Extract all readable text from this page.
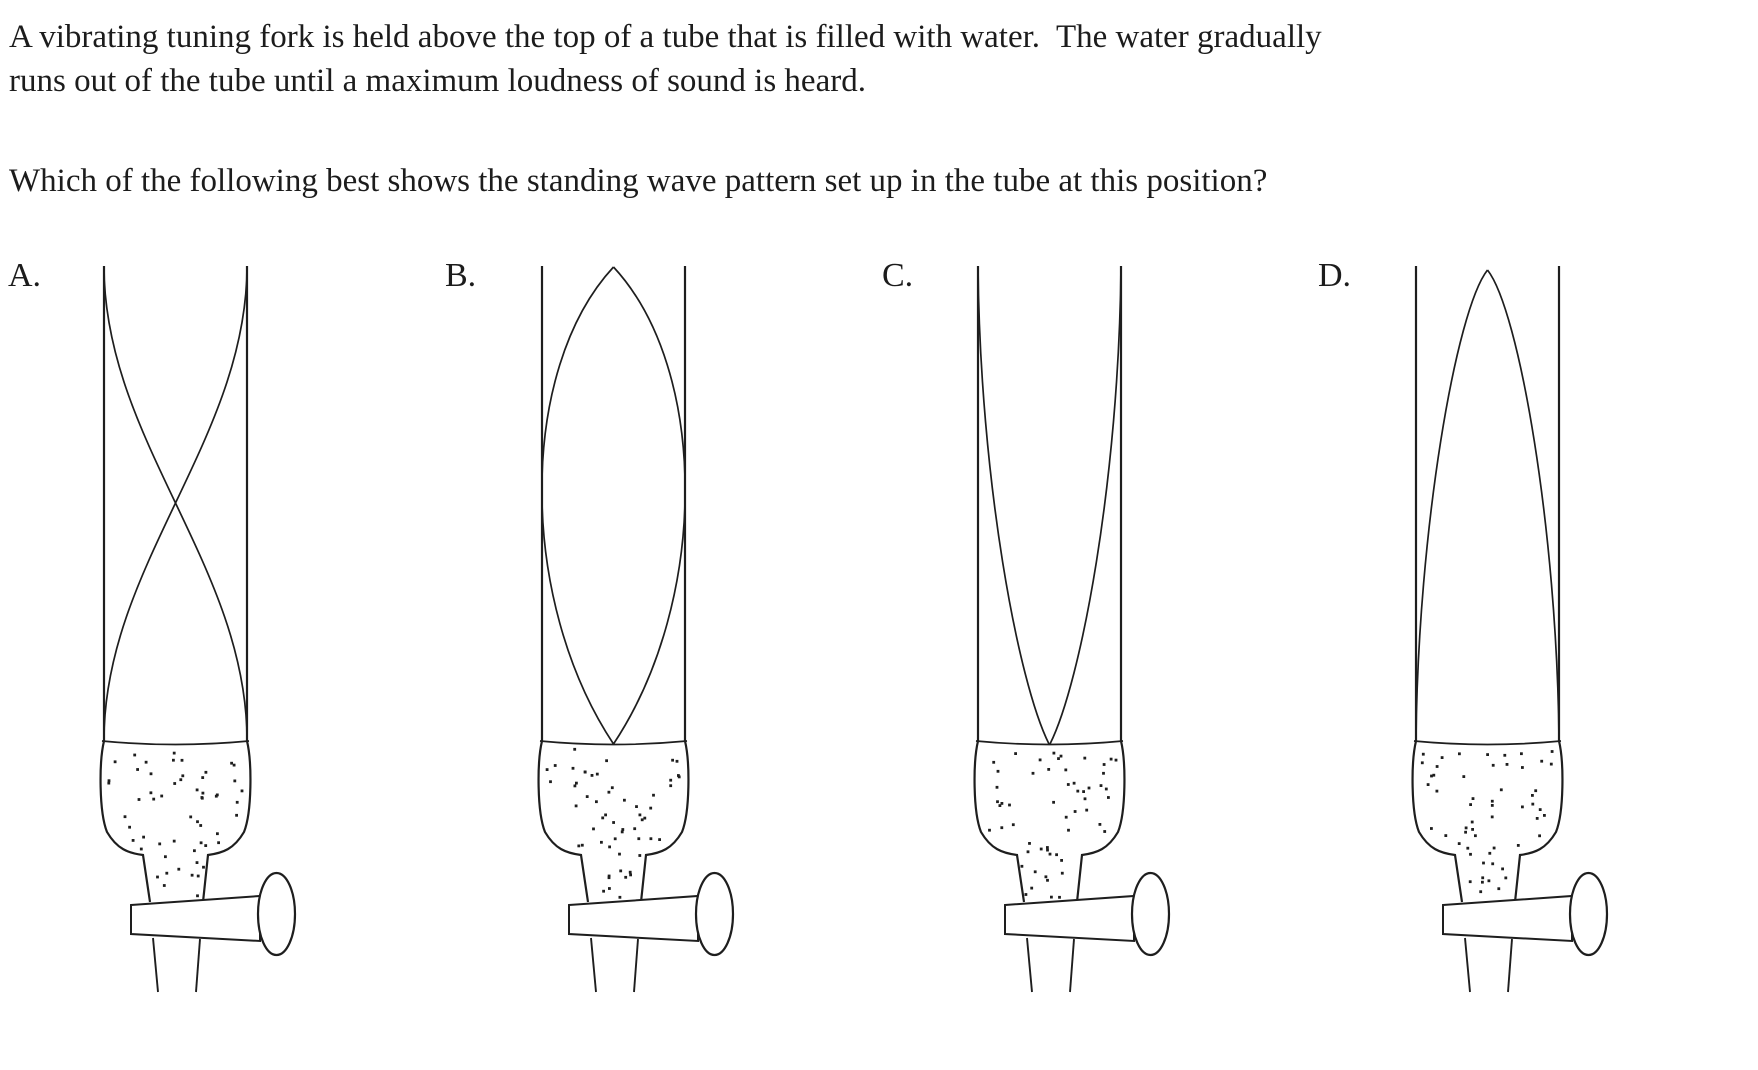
A vibrating tuning fork is held above the top of a tube that is filled with water.  The water gradually
runs out of the tube until a maximum loudness of sound is heard.
Which of the following best shows the standing wave pattern set up in the tube at this position?
A.	B.	C.	D.
